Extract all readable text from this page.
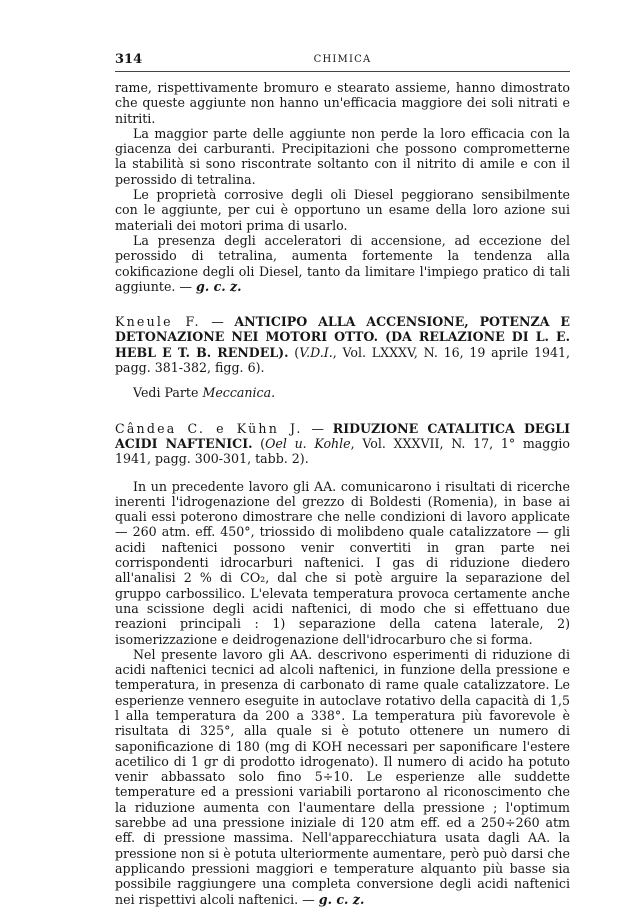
314	CHIMICA

rame, rispettivamente bromuro e stearato assieme, hanno dimostrato che queste aggiunte non hanno un'efficacia maggiore dei soli nitrati e nitriti.

La maggior parte delle aggiunte non perde la loro efficacia con la giacenza dei carburanti. Precipitazioni che possono comprometterne la stabilità si sono riscontrate soltanto con il nitrito di amile e con il perossido di tetralina.

Le proprietà corrosive degli oli Diesel peggiorano sensibilmente con le aggiunte, per cui è opportuno un esame della loro azione sui materiali dei motori prima di usarlo.

La presenza degli acceleratori di accensione, ad eccezione del perossido di tetralina, aumenta fortemente la tendenza alla cokificazione degli oli Diesel, tanto da limitare l'impiego pratico di tali aggiunte. — g. c. z.

Kneule F. — ANTICIPO ALLA ACCENSIONE, POTENZA E DETONAZIONE NEI MOTORI OTTO. (DA RELAZIONE DI L. E. HEBL E T. B. RENDEL). (V.D.I., Vol. LXXXV, N. 16, 19 aprile 1941, pagg. 381-382, figg. 6).

Vedi Parte Meccanica.

Cândea C. e Kühn J. — RIDUZIONE CATALITICA DEGLI ACIDI NAFTENICI. (Oel u. Kohle, Vol. XXXVII, N. 17, 1° maggio 1941, pagg. 300-301, tabb. 2).

In un precedente lavoro gli AA. comunicarono i risultati di ricerche inerenti l'idrogenazione del grezzo di Boldesti (Romenia), in base ai quali essi poterono dimostrare che nelle condizioni di lavoro applicate — 260 atm. eff. 450°, triossido di molibdeno quale catalizzatore — gli acidi naftenici possono venir convertiti in gran parte nei corrispondenti idrocarburi naftenici. I gas di riduzione diedero all'analisi 2 % di CO₂, dal che si potè arguire la separazione del gruppo carbossilico. L'elevata temperatura provoca certamente anche una scissione degli acidi naftenici, di modo che si effettuano due reazioni principali : 1) separazione della catena laterale, 2) isomerizzazione e deidrogenazione dell'idrocarburo che si forma.

Nel presente lavoro gli AA. descrivono esperimenti di riduzione di acidi naftenici tecnici ad alcoli naftenici, in funzione della pressione e temperatura, in presenza di carbonato di rame quale catalizzatore. Le esperienze vennero eseguite in autoclave rotativo della capacità di 1,5 l alla temperatura da 200 a 338°. La temperatura più favorevole è risultata di 325°, alla quale si è potuto ottenere un numero di saponificazione di 180 (mg di KOH necessari per saponificare l'estere acetilico di 1 gr di prodotto idrogenato). Il numero di acido ha potuto venir abbassato solo fino 5÷10. Le esperienze alle suddette temperature ed a pressioni variabili portarono al riconoscimento che la riduzione aumenta con l'aumentare della pressione ; l'optimum sarebbe ad una pressione iniziale di 120 atm eff. ed a 250÷260 atm eff. di pressione massima. Nell'apparecchiatura usata dagli AA. la pressione non si è potuta ulteriormente aumentare, però può darsi che applicando pressioni maggiori e temperature alquanto più basse sia possibile raggiungere una completa conversione degli acidi naftenici nei rispettivi alcoli naftenici. — g. c. z.
